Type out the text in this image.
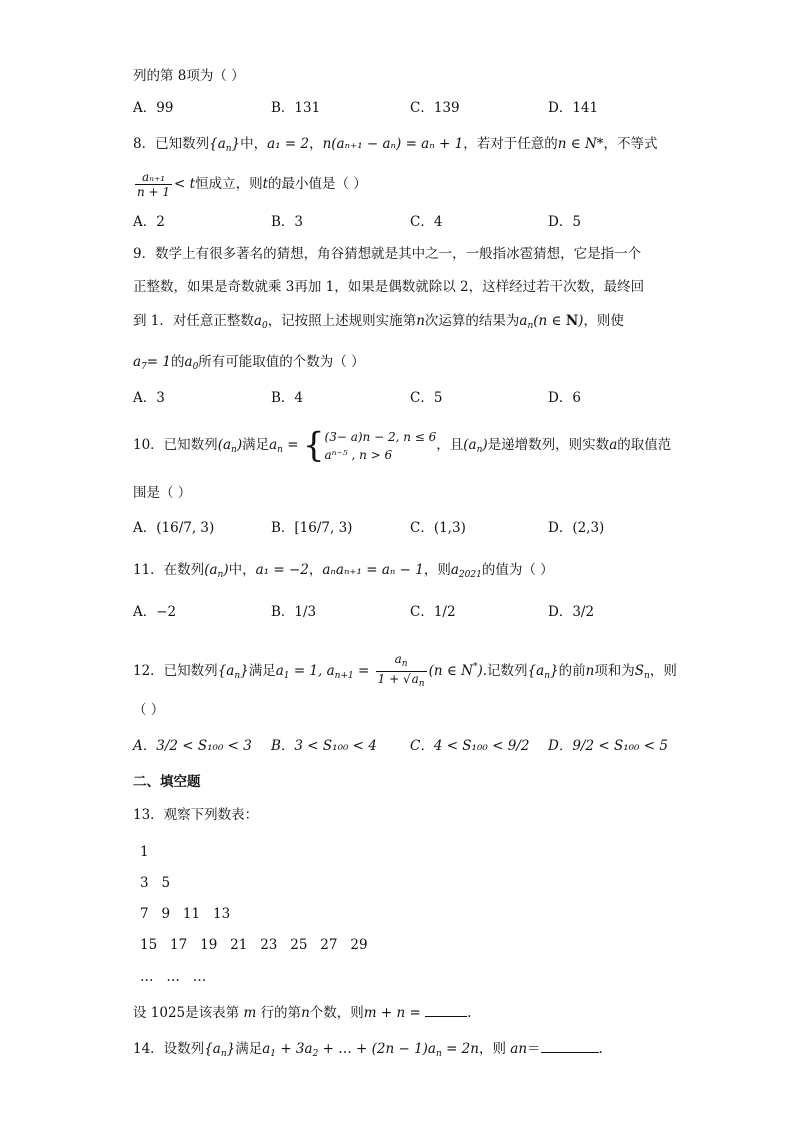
列的第 8项为（ ）
A．99	B．131	C．139	D．141
8．已知数列$\{a_n\}$中，a₁ = 2，n(aₙ₊₁ − aₙ) = aₙ + 1，若对于任意的n ∈ N*，不等式
$\frac{\text{aₙ₊₁}}{n + 1} < t$恒成立，则t的最小值是（ ）
A．2	B．3	C．4	D．5
9．数学上有很多著名的猜想，角谷猜想就是其中之一，一般指冰雹猜想，它是指一个
正整数，如果是奇数就乘 3再加 1，如果是偶数就除以 2，这样经过若干次数，最终回
到 1．对任意正整数$a_0$，记按照上述规则实施第n次运算的结果为$a_n(n$ ∈ N)，则使
$a_7= 1$的$a_0$所有可能取值的个数为（ ）
A．3	B．4	C．5	D．6
10．已知数列$(a_n)$满足$a_n$ = { (3− a)n − 2, n ≤ 6
aⁿ⁻⁵ , n > 6
，且$(a_n)$是递增数列，则实数a的取值范
围是（ ）
A．(16/7, 3)	B．[16/7, 3)	C．(1,3)	D．(2,3)
11．在数列$(a_n)$中，a₁ = −2，aₙaₙ₊₁ = aₙ − 1，则$a_{2021}$的值为（ ）
A．−2	B．1/3	C．1/2	D．3/2
12．已知数列$\{a_n\}$满足$a_1 = 1$, $a_{n+1} = \frac{a_n}{1 + √a_n} (n$ ∈ N*).记数列$\{a_n\}$的前n项和为$S_n$，则
（ ）
A．3/2 < S₁₀₀ < 3 B．3 < S₁₀₀ < 4 C．4 < S₁₀₀ < 9/2 D．9/2 < S₁₀₀ < 5
二、填空题
13．观察下列数表：
1
3   5
7   9   11   13
15   17   19   21   23   25   27   29
…   …   …
设 1025是该表第 m 行的第n个数，则m + n =	.
14．设数列$\{a_n\}$满足$a_1 + 3a_2$ + … + $(2n - 1)a_n = 2n$，则 an＝	.
